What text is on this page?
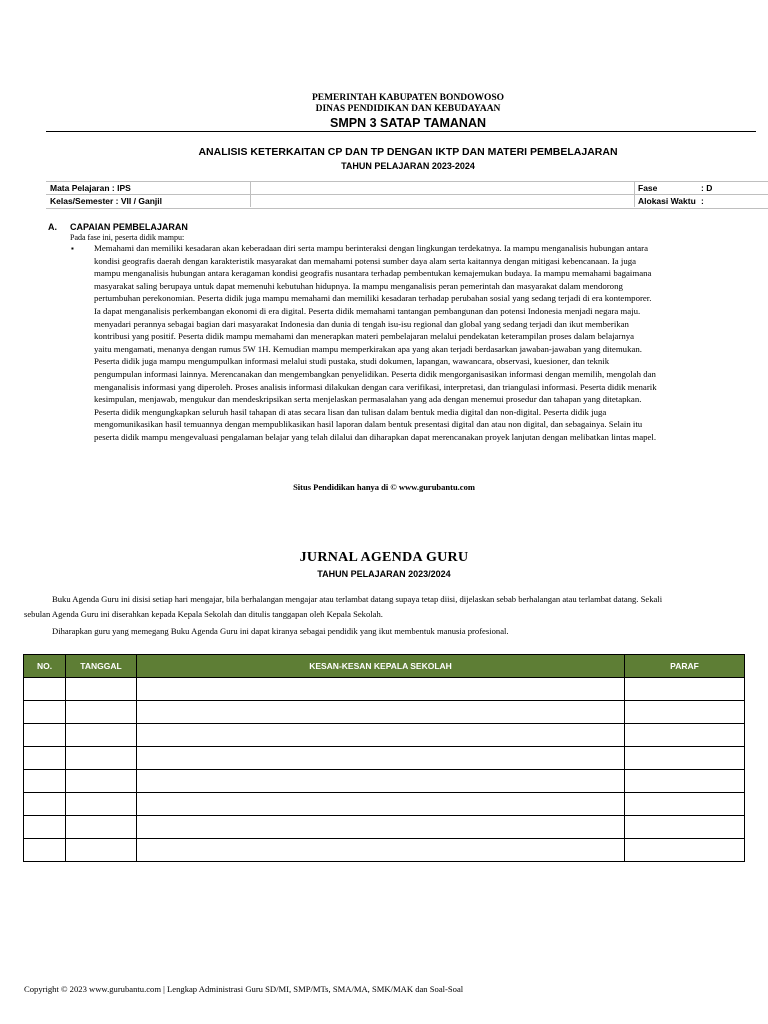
PEMERINTAH KABUPATEN BONDOWOSO
DINAS PENDIDIKAN DAN KEBUDAYAAN
SMPN 3 SATAP TAMANAN
ANALISIS KETERKAITAN CP DAN TP DENGAN IKTP DAN MATERI PEMBELAJARAN
TAHUN PELAJARAN 2023-2024
Mata Pelajaran : IPS	Fase	: D
Kelas/Semester : VII / Ganjil	Alokasi Waktu :
A. CAPAIAN PEMBELAJARAN
Pada fase ini, peserta didik mampu:
▪ Memahami dan memiliki kesadaran akan keberadaan diri serta mampu berinteraksi dengan lingkungan terdekatnya. Ia mampu menganalisis hubungan antara
kondisi geografis daerah dengan karakteristik masyarakat dan memahami potensi sumber daya alam serta kaitannya dengan mitigasi kebencanaan. Ia juga
mampu menganalisis hubungan antara keragaman kondisi geografis nusantara terhadap pembentukan kemajemukan budaya. Ia mampu memahami bagaimana
masyarakat saling berupaya untuk dapat memenuhi kebutuhan hidupnya. Ia mampu menganalisis peran pemerintah dan masyarakat dalam mendorong
pertumbuhan perekonomian. Peserta didik juga mampu memahami dan memiliki kesadaran terhadap perubahan sosial yang sedang terjadi di era kontemporer.
Ia dapat menganalisis perkembangan ekonomi di era digital. Peserta didik memahami tantangan pembangunan dan potensi Indonesia menjadi negara maju.
menyadari perannya sebagai bagian dari masyarakat Indonesia dan dunia di tengah isu-isu regional dan global yang sedang terjadi dan ikut memberikan
kontribusi yang positif. Peserta didik mampu memahami dan menerapkan materi pembelajaran melalui pendekatan keterampilan proses dalam belajarnya
yaitu mengamati, menanya dengan rumus 5W 1H. Kemudian mampu memperkirakan apa yang akan terjadi berdasarkan jawaban-jawaban yang ditemukan.
Peserta didik juga mampu mengumpulkan informasi melalui studi pustaka, studi dokumen, lapangan, wawancara, observasi, kuesioner, dan teknik
pengumpulan informasi lainnya. Merencanakan dan mengembangkan penyelidikan. Peserta didik mengorganisasikan informasi dengan memilih, mengolah dan
menganalisis informasi yang diperoleh. Proses analisis informasi dilakukan dengan cara verifikasi, interpretasi, dan triangulasi informasi. Peserta didik menarik
kesimpulan, menjawab, mengukur dan mendeskripsikan serta menjelaskan permasalahan yang ada dengan menemui prosedur dan tahapan yang ditetapkan.
Peserta didik mengungkapkan seluruh hasil tahapan di atas secara lisan dan tulisan dalam bentuk media digital dan non-digital. Peserta didik juga
mengomunikasikan hasil temuannya dengan mempublikasikan hasil laporan dalam bentuk presentasi digital dan atau non digital, dan sebagainya. Selain itu
peserta didik mampu mengevaluasi pengalaman belajar yang telah dilalui dan diharapkan dapat merencanakan proyek lanjutan dengan melibatkan lintas mapel.
Situs Pendidikan hanya di © www.gurubantu.com
JURNAL AGENDA GURU
TAHUN PELAJARAN 2023/2024
Buku Agenda Guru ini disisi setiap hari mengajar, bila berhalangan mengajar atau terlambat datang supaya tetap diisi, dijelaskan sebab berhalangan atau terlambat datang. Sekali
sebulan Agenda Guru ini diserahkan kepada Kepala Sekolah dan ditulis tanggapan oleh Kepala Sekolah.
Diharapkan guru yang memegang Buku Agenda Guru ini dapat kiranya sebagai pendidik yang ikut membentuk manusia profesional.
NO.	TANGGAL	KESAN-KESAN KEPALA SEKOLAH	PARAF

Copyright © 2023 www.gurubantu.com | Lengkap Administrasi Guru SD/MI, SMP/MTs, SMA/MA, SMK/MAK dan Soal-Soal
